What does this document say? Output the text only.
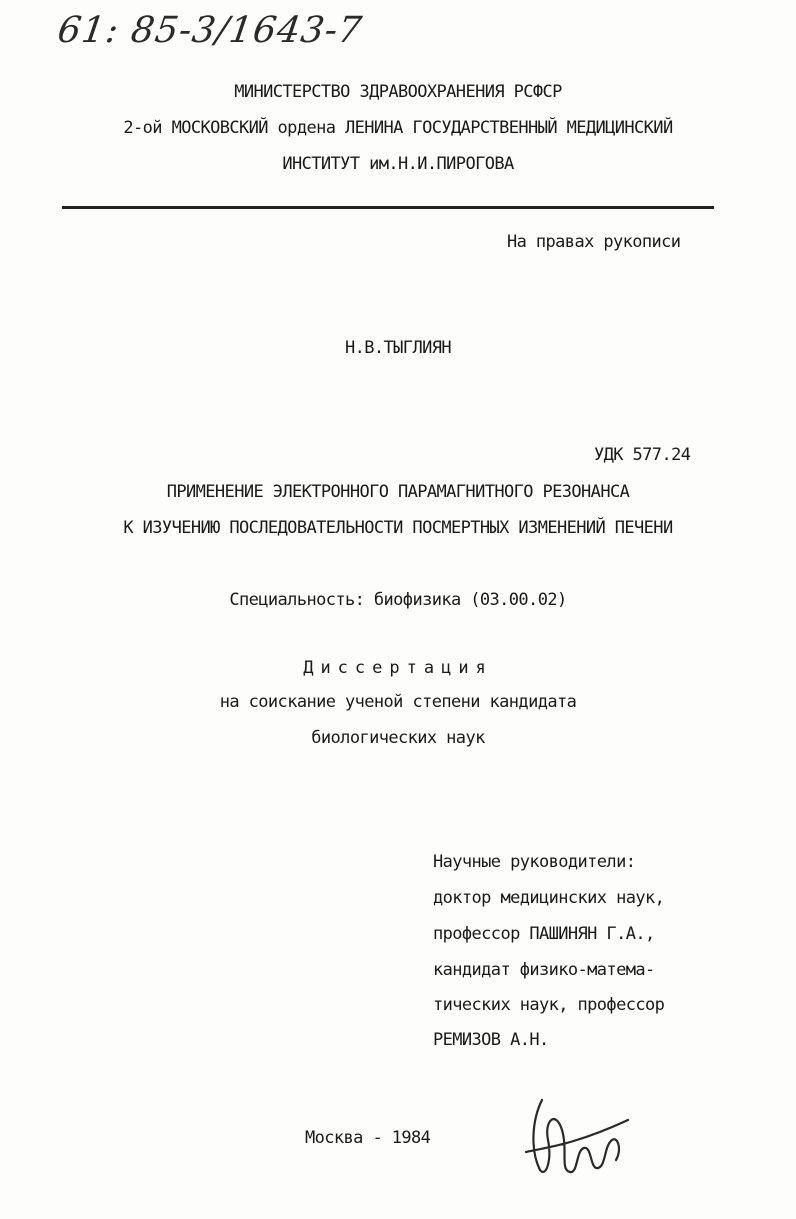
61: 85-3/1643-7
МИНИСТЕРСТВО ЗДРАВООХРАНЕНИЯ РСФСР
2-ой МОСКОВСКИЙ ордена ЛЕНИНА ГОСУДАРСТВЕННЫЙ МЕДИЦИНСКИЙ
ИНСТИТУТ им.Н.И.ПИРОГОВА
На правах рукописи
Н.В.ТЫГЛИЯН
УДК 577.24
ПРИМЕНЕНИЕ ЭЛЕКТРОННОГО ПАРАМАГНИТНОГО РЕЗОНАНСА
К ИЗУЧЕНИЮ ПОСЛЕДОВАТЕЛЬНОСТИ ПОСМЕРТНЫХ ИЗМЕНЕНИЙ ПЕЧЕНИ
Специальность: биофизика (03.00.02)
Диссертация
на соискание ученой степени кандидата
биологических наук
Научные руководители:
доктор медицинских наук,
профессор ПАШИНЯН Г.А.,
кандидат физико-матема-
тических наук, профессор
РЕМИЗОВ А.Н.
Москва - 1984
